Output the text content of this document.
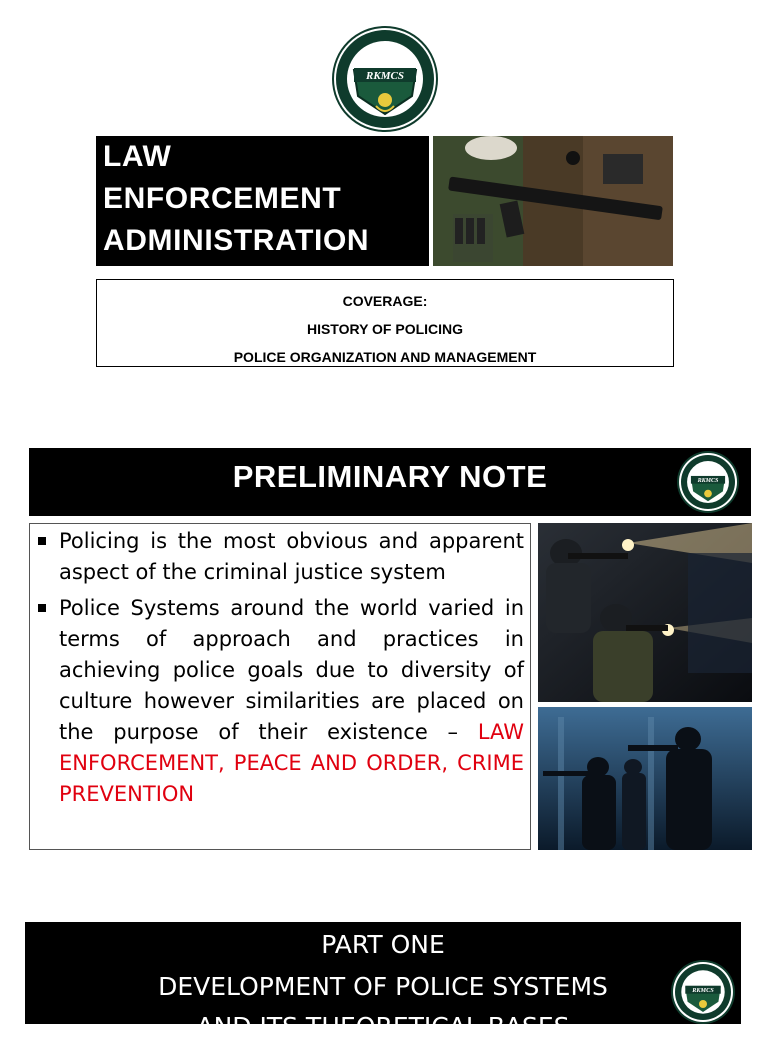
RKMCS
LAW
ENFORCEMENT
ADMINISTRATION
COVERAGE:
HISTORY OF POLICING
POLICE ORGANIZATION AND MANAGEMENT
PRELIMINARY NOTE	RKMCS
Policing is the most obvious and apparent aspect of the criminal justice system
Police Systems around the world varied in terms of approach and practices in achieving police goals due to diversity of culture however similarities are placed on the purpose of their existence – LAW ENFORCEMENT, PEACE AND ORDER, CRIME PREVENTION
PART ONE
DEVELOPMENT OF POLICE SYSTEMS
AND ITS THEORETICAL BASES
RKMCS
